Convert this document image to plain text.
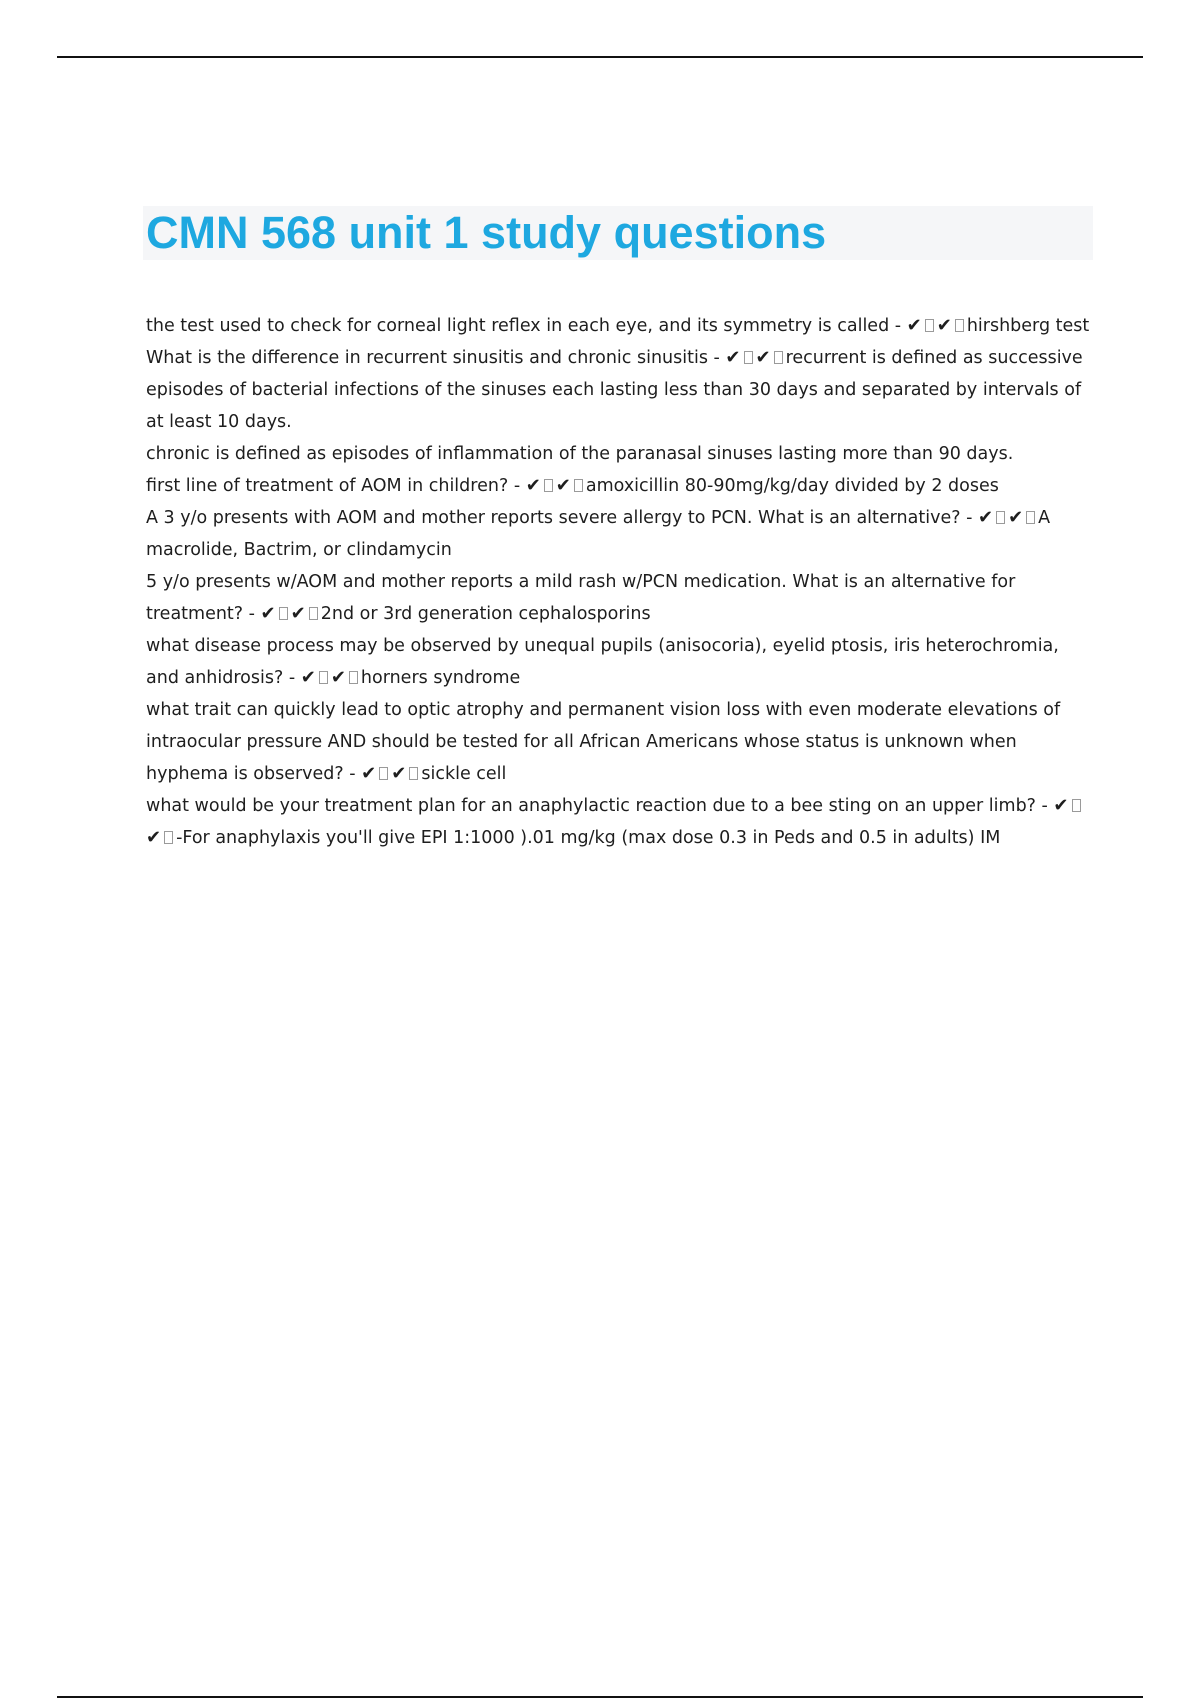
CMN 568 unit 1 study questions

the test used to check for corneal light reflex in each eye, and its symmetry is called - ✔ ✔ hirshberg test

What is the difference in recurrent sinusitis and chronic sinusitis - ✔ ✔ recurrent is defined as successive episodes of bacterial infections of the sinuses each lasting less than 30 days and separated by intervals of at least 10 days.

chronic is defined as episodes of inflammation of the paranasal sinuses lasting more than 90 days.

first line of treatment of AOM in children? - ✔ ✔ amoxicillin 80-90mg/kg/day divided by 2 doses

A 3 y/o presents with AOM and mother reports severe allergy to PCN. What is an alternative? - ✔ ✔ A macrolide, Bactrim, or clindamycin

5 y/o presents w/AOM and mother reports a mild rash w/PCN medication. What is an alternative for treatment? - ✔ ✔ 2nd or 3rd generation cephalosporins

what disease process may be observed by unequal pupils (anisocoria), eyelid ptosis, iris heterochromia, and anhidrosis? - ✔ ✔ horners syndrome

what trait can quickly lead to optic atrophy and permanent vision loss with even moderate elevations of intraocular pressure AND should be tested for all African Americans whose status is unknown when hyphema is observed? - ✔ ✔ sickle cell

what would be your treatment plan for an anaphylactic reaction due to a bee sting on an upper limb? - ✔✔ -For anaphylaxis you'll give EPI 1:1000 ).01 mg/kg (max dose 0.3 in Peds and 0.5 in adults) IM
